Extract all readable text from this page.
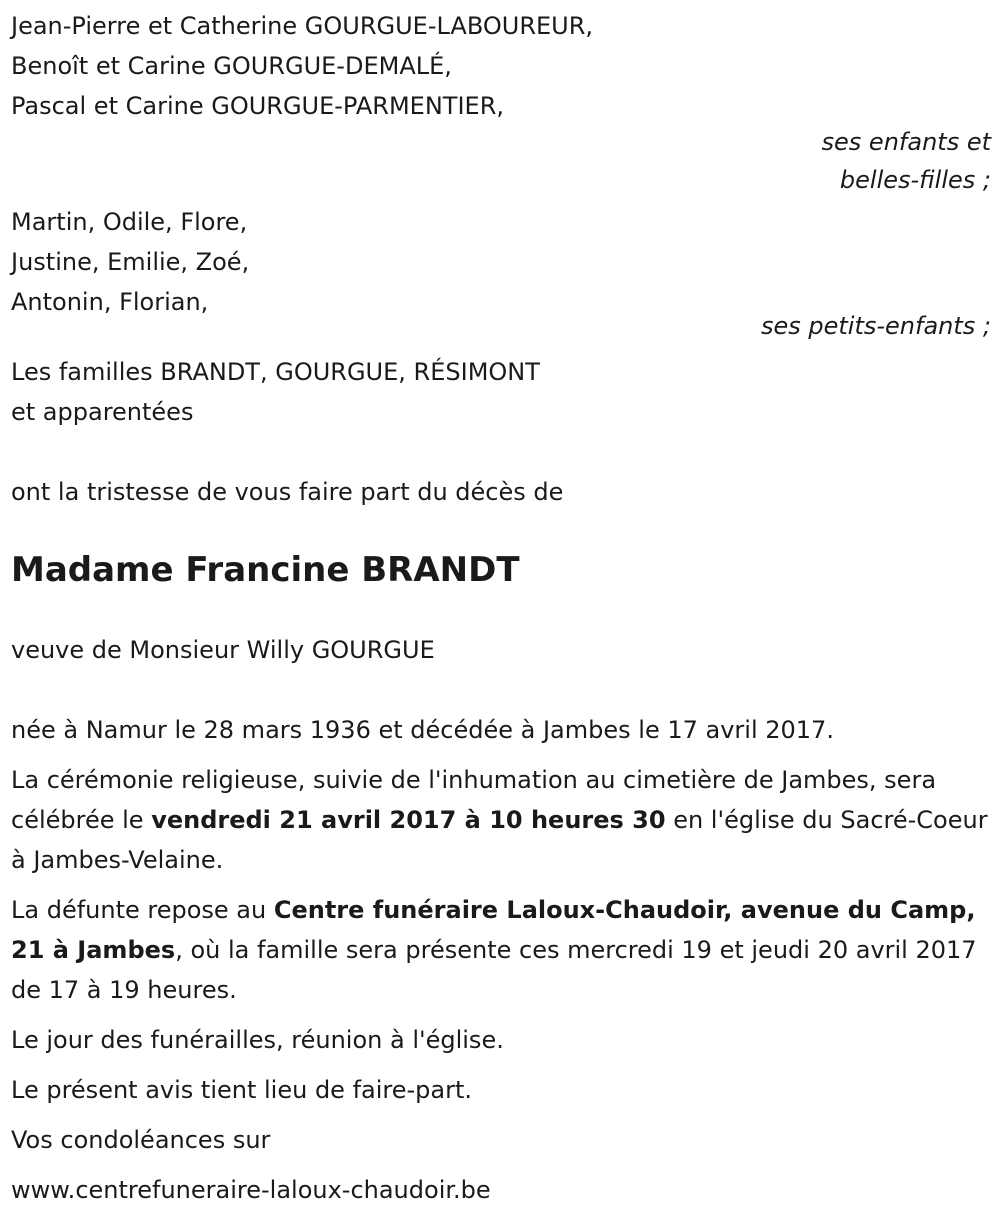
Jean-Pierre et Catherine GOURGUE-LABOUREUR,
Benoît et Carine GOURGUE-DEMALÉ,
Pascal et Carine GOURGUE-PARMENTIER,
ses enfants et
belles-filles ;
Martin, Odile, Flore,
Justine, Emilie, Zoé,
Antonin, Florian,
ses petits-enfants ;
Les familles BRANDT, GOURGUE, RÉSIMONT
et apparentées
ont la tristesse de vous faire part du décès de
Madame Francine BRANDT
veuve de Monsieur Willy GOURGUE
née à Namur le 28 mars 1936 et décédée à Jambes le 17 avril 2017.

La cérémonie religieuse, suivie de l'inhumation au cimetière de Jambes, sera célébrée le vendredi 21 avril 2017 à 10 heures 30 en l'église du Sacré-Coeur à Jambes-Velaine.

La défunte repose au Centre funéraire Laloux-Chaudoir, avenue du Camp, 21 à Jambes, où la famille sera présente ces mercredi 19 et jeudi 20 avril 2017 de 17 à 19 heures.

Le jour des funérailles, réunion à l'église.
Le présent avis tient lieu de faire-part.
Vos condoléances sur
www.centrefuneraire-laloux-chaudoir.be
